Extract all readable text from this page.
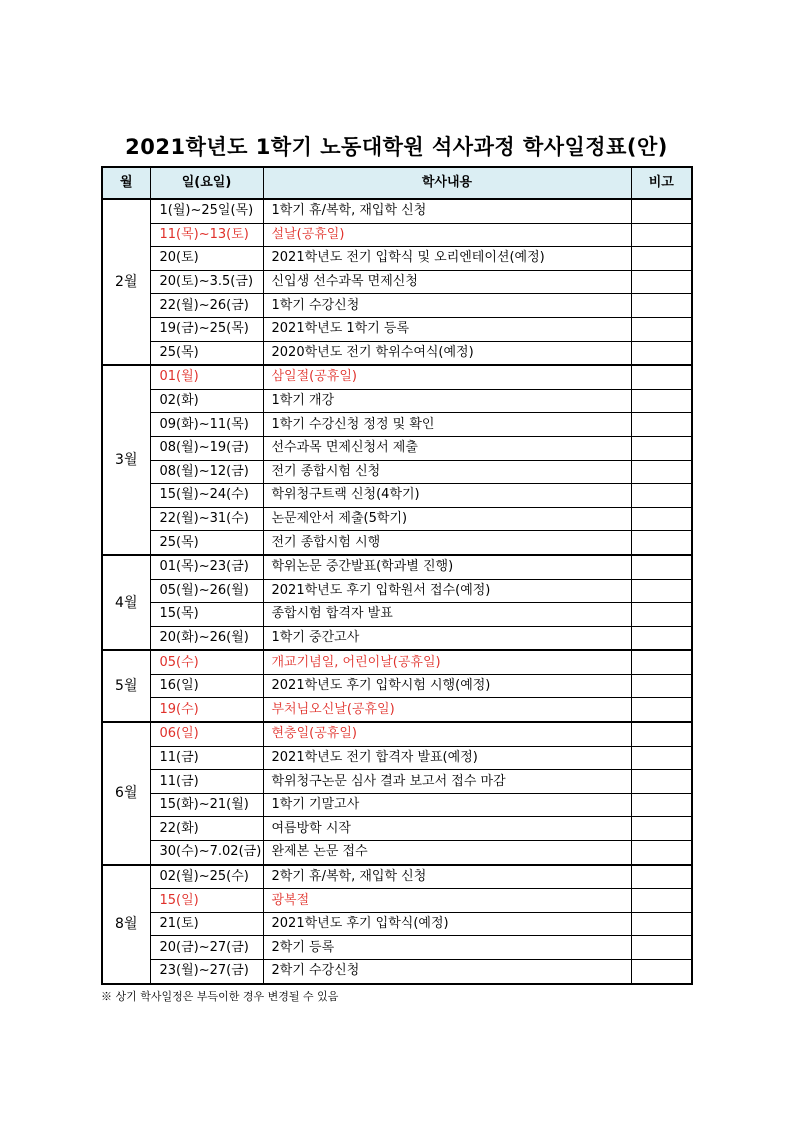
2021학년도 1학기 노동대학원 석사과정 학사일정표(안)
월	일(요일)	학사내용	비고
2월	1(월)~25일(목)	1학기 휴/복학, 재입학 신청	
	11(목)~13(토)	설날(공휴일)	
	20(토)	2021학년도 전기 입학식 및 오리엔테이션(예정)	
	20(토)~3.5(금)	신입생 선수과목 면제신청	
	22(월)~26(금)	1학기 수강신청	
	19(금)~25(목)	2021학년도 1학기 등록	
	25(목)	2020학년도 전기 학위수여식(예정)	
3월	01(월)	삼일절(공휴일)	
	02(화)	1학기 개강	
	09(화)~11(목)	1학기 수강신청 정정 및 확인	
	08(월)~19(금)	선수과목 면제신청서 제출	
	08(월)~12(금)	전기 종합시험 신청	
	15(월)~24(수)	학위청구트랙 신청(4학기)	
	22(월)~31(수)	논문제안서 제출(5학기)	
	25(목)	전기 종합시험 시행	
4월	01(목)~23(금)	학위논문 중간발표(학과별 진행)	
	05(월)~26(월)	2021학년도 후기 입학원서 접수(예정)	
	15(목)	종합시험 합격자 발표	
	20(화)~26(월)	1학기 중간고사	
5월	05(수)	개교기념일, 어린이날(공휴일)	
	16(일)	2021학년도 후기 입학시험 시행(예정)	
	19(수)	부처님오신날(공휴일)	
6월	06(일)	현충일(공휴일)	
	11(금)	2021학년도 전기 합격자 발표(예정)	
	11(금)	학위청구논문 심사 결과 보고서 접수 마감	
	15(화)~21(월)	1학기 기말고사	
	22(화)	여름방학 시작	
	30(수)~7.02(금)	완제본 논문 접수	
8월	02(월)~25(수)	2학기 휴/복학, 재입학 신청	
	15(일)	광복절	
	21(토)	2021학년도 후기 입학식(예정)	
	20(금)~27(금)	2학기 등록	
	23(월)~27(금)	2학기 수강신청	
※ 상기 학사일정은 부득이한 경우 변경될 수 있음
